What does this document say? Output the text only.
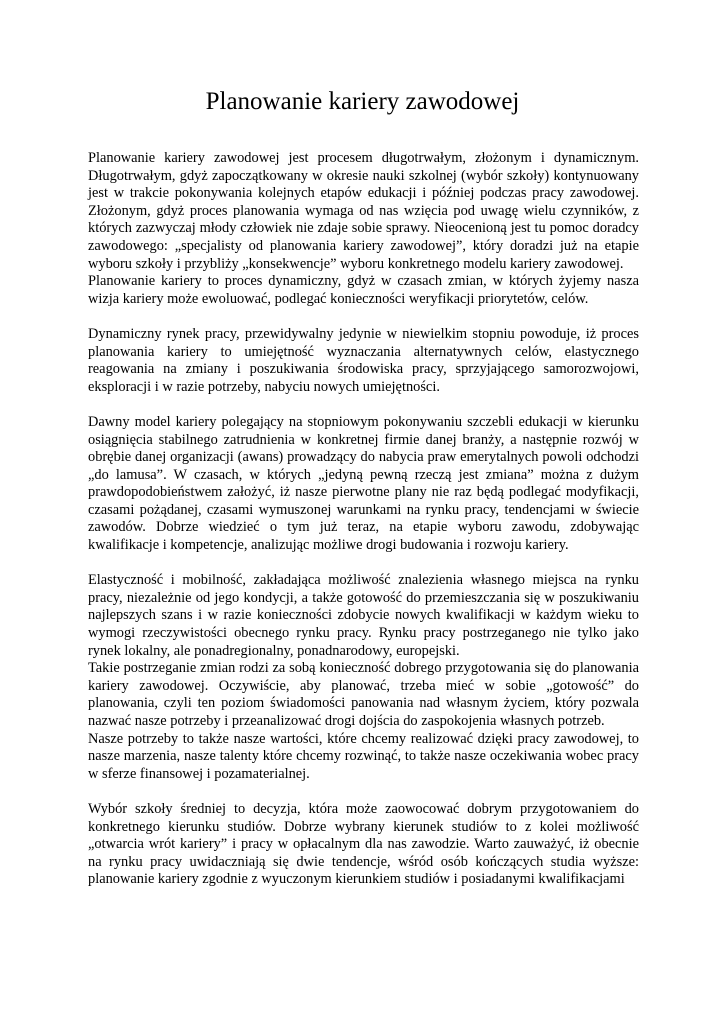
Planowanie kariery zawodowej

Planowanie kariery zawodowej jest procesem długotrwałym, złożonym i dynamicznym. Długotrwałym, gdyż zapoczątkowany w okresie nauki szkolnej (wybór szkoły) kontynuowany jest w trakcie pokonywania kolejnych etapów edukacji i później podczas pracy zawodowej. Złożonym, gdyż proces planowania wymaga od nas wzięcia pod uwagę wielu czynników, z których zazwyczaj młody człowiek nie zdaje sobie sprawy. Nieocenioną jest tu pomoc doradcy zawodowego: „specjalisty od planowania kariery zawodowej”, który doradzi już na etapie wyboru szkoły i przybliży „konsekwencje” wyboru konkretnego modelu kariery zawodowej.

Planowanie kariery to proces dynamiczny, gdyż w czasach zmian, w których żyjemy nasza wizja kariery może ewoluować, podlegać konieczności weryfikacji priorytetów, celów.

Dynamiczny rynek pracy, przewidywalny jedynie w niewielkim stopniu powoduje, iż proces planowania kariery to umiejętność wyznaczania alternatywnych celów, elastycznego reagowania na zmiany i poszukiwania środowiska pracy, sprzyjającego samorozwojowi, eksploracji i w razie potrzeby, nabyciu nowych umiejętności.

Dawny model kariery polegający na stopniowym pokonywaniu szczebli edukacji w kierunku osiągnięcia stabilnego zatrudnienia w konkretnej firmie danej branży, a następnie rozwój w obrębie danej organizacji (awans) prowadzący do nabycia praw emerytalnych powoli odchodzi „do lamusa”. W czasach, w których „jedyną pewną rzeczą jest zmiana” można z dużym prawdopodobieństwem założyć, iż nasze pierwotne plany nie raz będą podlegać modyfikacji, czasami pożądanej, czasami wymuszonej warunkami na rynku pracy, tendencjami w świecie zawodów. Dobrze wiedzieć o tym już teraz, na etapie wyboru zawodu, zdobywając kwalifikacje i kompetencje, analizując możliwe drogi budowania i rozwoju kariery.

Elastyczność i mobilność, zakładająca możliwość znalezienia własnego miejsca na rynku pracy, niezależnie od jego kondycji, a także gotowość do przemieszczania się w poszukiwaniu najlepszych szans i w razie konieczności zdobycie nowych kwalifikacji w każdym wieku to wymogi rzeczywistości obecnego rynku pracy. Rynku pracy postrzeganego nie tylko jako rynek lokalny, ale ponadregionalny, ponadnarodowy, europejski.

Takie postrzeganie zmian rodzi za sobą konieczność dobrego przygotowania się do planowania kariery zawodowej. Oczywiście, aby planować, trzeba mieć w sobie „gotowość” do planowania, czyli ten poziom świadomości panowania nad własnym życiem, który pozwala nazwać nasze potrzeby i przeanalizować drogi dojścia do zaspokojenia własnych potrzeb.

Nasze potrzeby to także nasze wartości, które chcemy realizować dzięki pracy zawodowej, to nasze marzenia, nasze talenty które chcemy rozwinąć, to także nasze oczekiwania wobec pracy w sferze finansowej i pozamaterialnej.

Wybór szkoły średniej to decyzja, która może zaowocować dobrym przygotowaniem do konkretnego kierunku studiów. Dobrze wybrany kierunek studiów to z kolei możliwość „otwarcia wrót kariery” i pracy w opłacalnym dla nas zawodzie. Warto zauważyć, iż obecnie na rynku pracy uwidaczniają się dwie tendencje, wśród osób kończących studia wyższe: planowanie kariery zgodnie z wyuczonym kierunkiem studiów i posiadanymi kwalifikacjami
